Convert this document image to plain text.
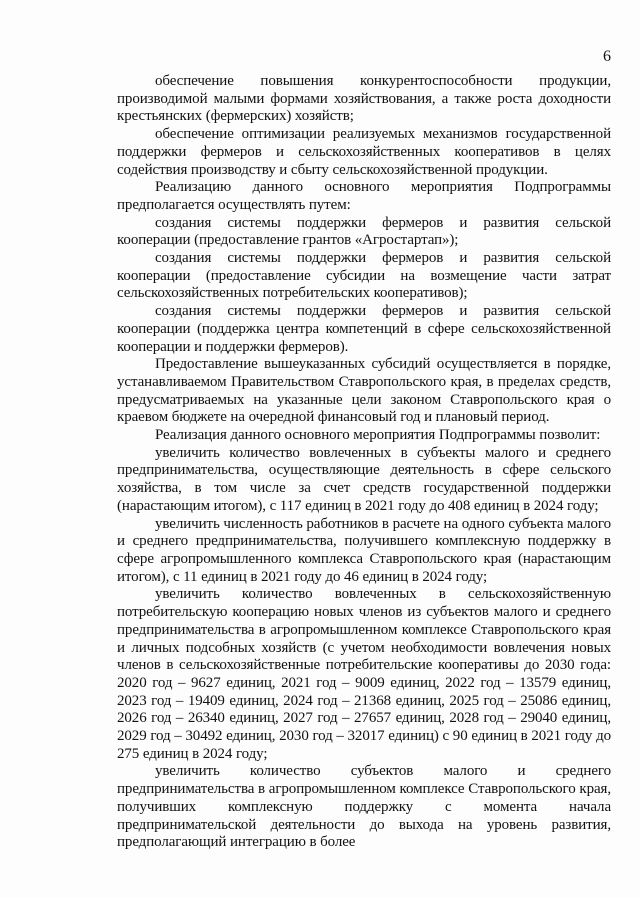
6

обеспечение повышения конкурентоспособности продукции, производимой малыми формами хозяйствования, а также роста доходности крестьянских (фермерских) хозяйств;

обеспечение оптимизации реализуемых механизмов государственной поддержки фермеров и сельскохозяйственных кооперативов в целях содействия производству и сбыту сельскохозяйственной продукции.

Реализацию данного основного мероприятия Подпрограммы предполагается осуществлять путем:

создания системы поддержки фермеров и развития сельской кооперации (предоставление грантов «Агростартап»);

создания системы поддержки фермеров и развития сельской кооперации (предоставление субсидии на возмещение части затрат сельскохозяйственных потребительских кооперативов);

создания системы поддержки фермеров и развития сельской кооперации (поддержка центра компетенций в сфере сельскохозяйственной кооперации и поддержки фермеров).

Предоставление вышеуказанных субсидий осуществляется в порядке, устанавливаемом Правительством Ставропольского края, в пределах средств, предусматриваемых на указанные цели законом Ставропольского края о краевом бюджете на очередной финансовый год и плановый период.

Реализация данного основного мероприятия Подпрограммы позволит:

увеличить количество вовлеченных в субъекты малого и среднего предпринимательства, осуществляющие деятельность в сфере сельского хозяйства, в том числе за счет средств государственной поддержки (нарастающим итогом), с 117 единиц в 2021 году до 408 единиц в 2024 году;

увеличить численность работников в расчете на одного субъекта малого и среднего предпринимательства, получившего комплексную поддержку в сфере агропромышленного комплекса Ставропольского края (нарастающим итогом), с 11 единиц в 2021 году до 46 единиц в 2024 году;

увеличить количество вовлеченных в сельскохозяйственную потребительскую кооперацию новых членов из субъектов малого и среднего предпринимательства в агропромышленном комплексе Ставропольского края и личных подсобных хозяйств (с учетом необходимости вовлечения новых членов в сельскохозяйственные потребительские кооперативы до 2030 года: 2020 год – 9627 единиц, 2021 год – 9009 единиц, 2022 год – 13579 единиц, 2023 год – 19409 единиц, 2024 год – 21368 единиц, 2025 год – 25086 единиц, 2026 год – 26340 единиц, 2027 год – 27657 единиц, 2028 год – 29040 единиц, 2029 год – 30492 единиц, 2030 год – 32017 единиц) с 90 единиц в 2021 году до 275 единиц в 2024 году;

увеличить количество субъектов малого и среднего предпринимательства в агропромышленном комплексе Ставропольского края, получивших комплексную поддержку с момента начала предпринимательской деятельности до выхода на уровень развития, предполагающий интеграцию в более
